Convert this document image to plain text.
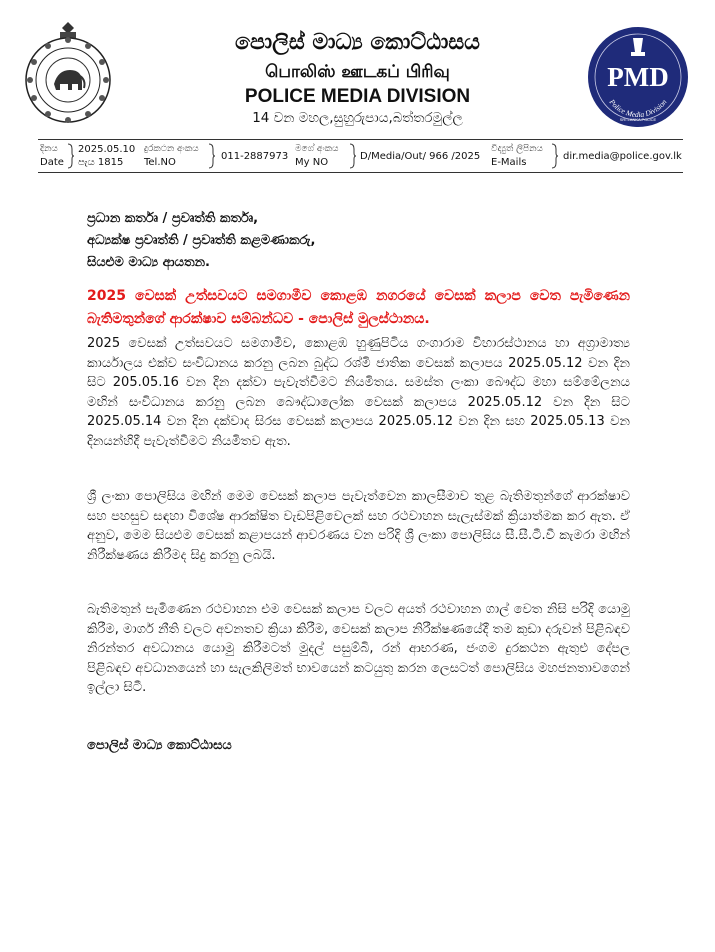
පොලිස් මාධ්‍ය කොට්ඨාසය
பொலிஸ் ஊடகப் பிரிவு
POLICE MEDIA DIVISION
14 වන මහල,සුහුරුපාය,බත්තරමුල්ල
PMD
Police Media Division
SRI LANKA POLICE
දිනය
Date
2025.05.10
පැය 1815
දුරකථන අංකය
Tel.NO
011-2887973
මගේ අංකය
My NO
D/Media/Out/ 966 /2025
විද්‍යුත් ලිපිනය
E-Mails
dir.media@police.gov.lk
ප්‍රධාන කර්තෘ / ප්‍රවෘත්ති කර්තෘ,
අධ්‍යක්ෂ ප්‍රවෘත්ති / ප්‍රවෘත්ති කළමණාකරු,
සියළුම මාධ්‍ය ආයතන.
2025 වෙසක් උත්සවයට සමගාමීව කොළඹ නගරයේ වෙසක් කලාප වෙත පැමිණෙන බැතිමතුන්ගේ ආරක්ෂාව සම්බන්ධව - පොලිස් මුලස්ථානය.
2025 වෙසක් උත්සවයට සමගාමීව, කොළඹ හුණුපිටිය ගංගාරාම විහාරස්ථානය හා අග්‍රාමාත්‍ය කාර්යාලය එක්ව සංවිධානය කරනු ලබන බුද්ධ රශ්මි ජාතික වෙසක් කලාපය 2025.05.12 වන දින සිට 205.05.16 වන දින දක්වා පැවැත්වීමට නියමිතය. සමස්ත ලංකා බෞද්ධ මහා සම්මේලනය මඟින් සංවිධානය කරනු ලබන බෞද්ධාලෝක වෙසක් කලාපය 2025.05.12 වන දින සිට 2025.05.14 වන දින දක්වාද සිරස වෙසක් කලාපය 2025.05.12 වන දින සහ 2025.05.13 වන දිනයන්හිදී පැවැත්වීමට නියමිතව ඇත.
ශ්‍රී ලංකා පොලිසිය මඟින් මෙම වෙසක් කලාප පැවැත්වෙන කාලසීමාව තුළ බැතිමතුන්ගේ ආරක්ෂාව සහ පහසුව සඳහා විශේෂ ආරක්ෂිත වැඩපිළිවෙලක් සහ රථවාහන සැලැස්මක් ක්‍රියාත්මක කර ඇත. ඒ අනුව, මෙම සියළුම වෙසක් කළාපයන් ආවරණය වන පරිදි ශ්‍රී ලංකා පොලිසිය සී.සී.ටී.වී කැමරා මඟින් නිරීක්ෂණය කිරීමද සිදු කරනු ලබයි.
බැතිමතුන් පැමිණෙන රථවාහන එම වෙසක් කලාප වලට අයත් රථවාහන ගාල් වෙත නිසි පරිදි යොමු කිරීම, මාර්ග නීති වලට අවනතව ක්‍රියා කිරීම, වෙසක් කලාප නිරීක්ෂණයේදී තම කුඩා දරුවන් පිළිබඳව නිරන්තර අවධානය යොමු කිරීමටත් මුදල් පසුම්බි, රන් ආභරණ, ජංගම දුරකථන ඇතුළු දේපල පිළිබඳව අවධානයෙන් හා සැලකිලිමත් භාවයෙන් කටයුතු කරන ලෙසටත් පොලිසිය මහජනතාවගෙන් ඉල්ලා සිටී.
පොලිස් මාධ්‍ය කොට්ඨාසය
